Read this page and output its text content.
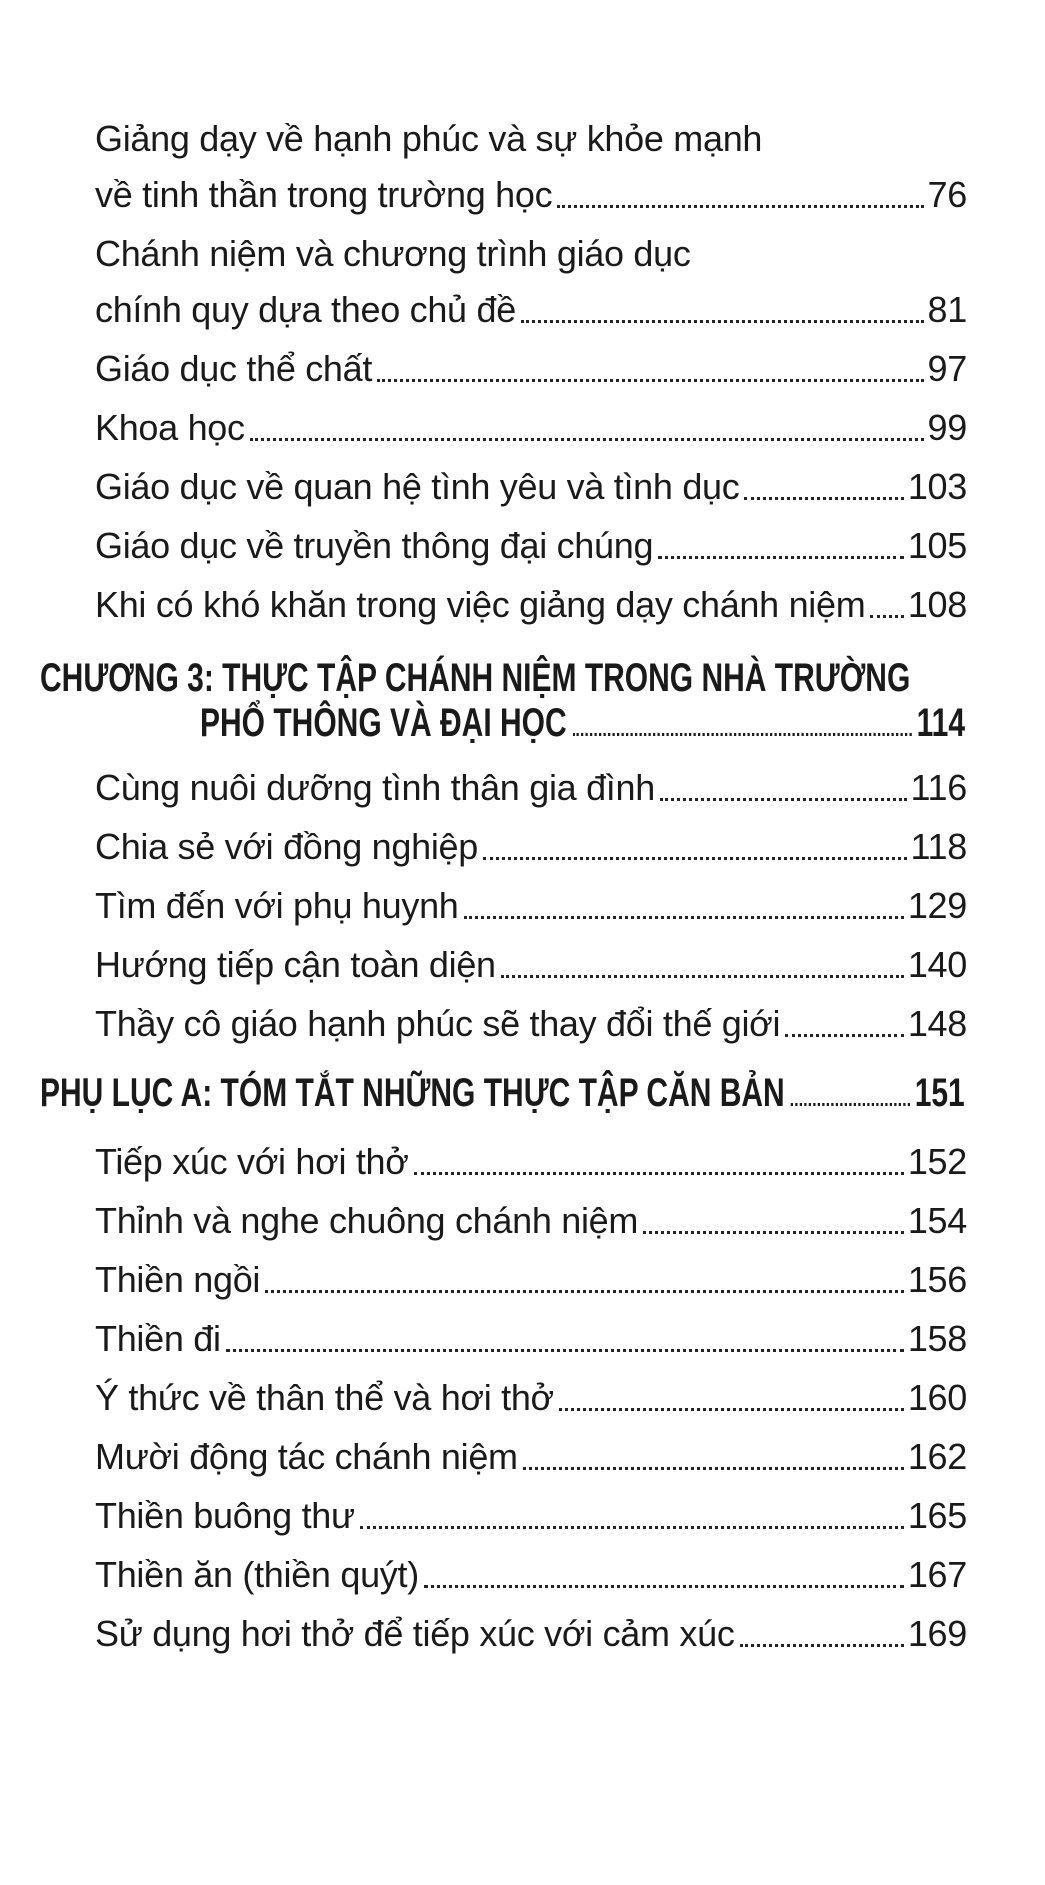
Giảng dạy về hạnh phúc và sự khỏe mạnh
về tinh thần trong trường học	76
Chánh niệm và chương trình giáo dục
chính quy dựa theo chủ đề	81
Giáo dục thể chất	97
Khoa học	99
Giáo dục về quan hệ tình yêu và tình dục	103
Giáo dục về truyền thông đại chúng	105
Khi có khó khăn trong việc giảng dạy chánh niệm 108
CHƯƠNG 3: THỰC TẬP CHÁNH NIỆM TRONG NHÀ TRƯỜNG
PHỔ THÔNG VÀ ĐẠI HỌC	114
Cùng nuôi dưỡng tình thân gia đình	116
Chia sẻ với đồng nghiệp	118
Tìm đến với phụ huynh	129
Hướng tiếp cận toàn diện	140
Thầy cô giáo hạnh phúc sẽ thay đổi thế giới	148
PHỤ LỤC A: TÓM TẮT NHỮNG THỰC TẬP CĂN BẢN	151
Tiếp xúc với hơi thở	152
Thỉnh và nghe chuông chánh niệm	154
Thiền ngồi	156
Thiền đi	158
Ý thức về thân thể và hơi thở	160
Mười động tác chánh niệm	162
Thiền buông thư	165
Thiền ăn (thiền quýt)	167
Sử dụng hơi thở để tiếp xúc với cảm xúc	169
